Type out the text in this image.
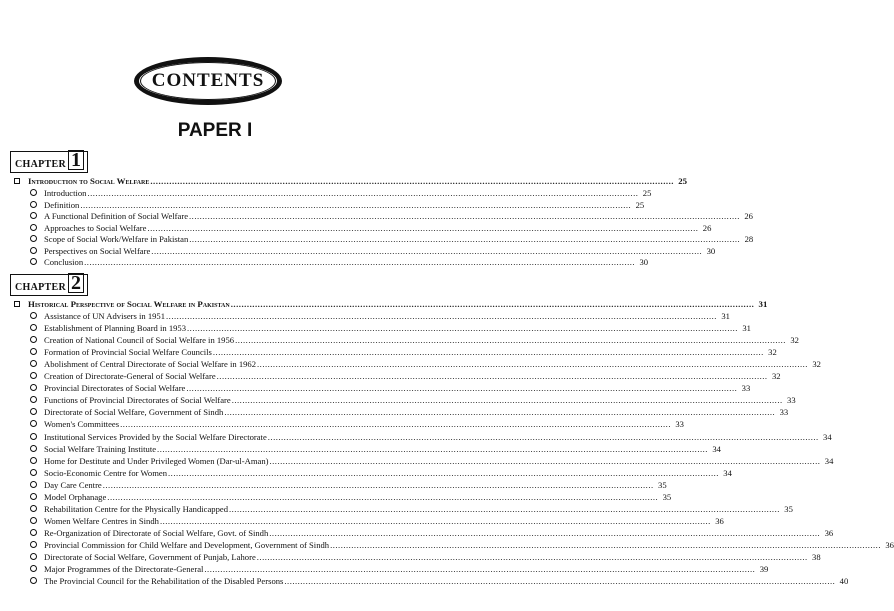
CONTENTS
PAPER I
CHAPTER 1
Introduction to Social Welfare .................................................................................................................................................................................................. 25
Introduction ................................................................................................................................................................................................................ 25
Definition ................................................................................................................................................................................................................ 25
A Functional Definition of Social Welfare ................................................................................................................................................................................................................ 26
Approaches to Social Welfare ................................................................................................................................................................................................................ 26
Scope of Social Work/Welfare in Pakistan ................................................................................................................................................................................................................ 28
Perspectives on Social Welfare ................................................................................................................................................................................................................ 30
Conclusion ................................................................................................................................................................................................................ 30
CHAPTER 2
Historical Perspective of Social Welfare in Pakistan .................................................................................................................................................................................................. 31
Assistance of UN Advisers in 1951 ................................................................................................................................................................................................................ 31
Establishment of Planning Board in 1953 ................................................................................................................................................................................................................ 31
Creation of National Council of Social Welfare in 1956 ................................................................................................................................................................................................................ 32
Formation of Provincial Social Welfare Councils ................................................................................................................................................................................................................ 32
Abolishment of Central Directorate of Social Welfare in 1962 ................................................................................................................................................................................................................ 32
Creation of Directorate-General of Social Welfare ................................................................................................................................................................................................................ 32
Provincial Directorates of Social Welfare ................................................................................................................................................................................................................ 33
Functions of Provincial Directorates of Social Welfare ................................................................................................................................................................................................................ 33
Directorate of Social Welfare, Government of Sindh ................................................................................................................................................................................................................ 33
Women's Committees ................................................................................................................................................................................................................ 33
Institutional Services Provided by the Social Welfare Directorate ................................................................................................................................................................................................................ 34
Social Welfare Training Institute ................................................................................................................................................................................................................ 34
Home for Destitute and Under Privileged Women (Dar-ul-Aman) ................................................................................................................................................................................................................ 34
Socio-Economic Centre for Women ................................................................................................................................................................................................................ 34
Day Care Centre ................................................................................................................................................................................................................ 35
Model Orphanage ................................................................................................................................................................................................................ 35
Rehabilitation Centre for the Physically Handicapped ................................................................................................................................................................................................................ 35
Women Welfare Centres in Sindh ................................................................................................................................................................................................................ 36
Re-Organization of Directorate of Social Welfare, Govt. of Sindh ................................................................................................................................................................................................................ 36
Provincial Commission for Child Welfare and Development, Government of Sindh ................................................................................................................................................................................................................ 36
Directorate of Social Welfare, Government of Punjab, Lahore ................................................................................................................................................................................................................ 38
Major Programmes of the Directorate-General ................................................................................................................................................................................................................ 39
The Provincial Council for the Rehabilitation of the Disabled Persons ................................................................................................................................................................................................................ 40
